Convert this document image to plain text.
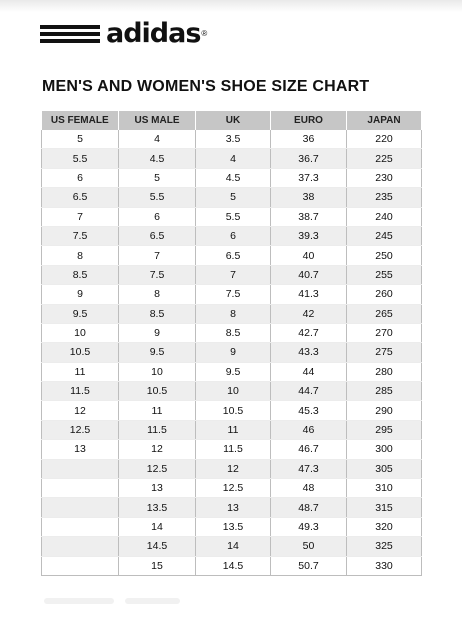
adidas ®
MEN'S AND WOMEN'S SHOE SIZE CHART
US FEMALE	US MALE	UK	EURO	JAPAN
5	4	3.5	36	220
5.5	4.5	4	36.7	225
6	5	4.5	37.3	230
6.5	5.5	5	38	235
7	6	5.5	38.7	240
7.5	6.5	6	39.3	245
8	7	6.5	40	250
8.5	7.5	7	40.7	255
9	8	7.5	41.3	260
9.5	8.5	8	42	265
10	9	8.5	42.7	270
10.5	9.5	9	43.3	275
11	10	9.5	44	280
11.5	10.5	10	44.7	285
12	11	10.5	45.3	290
12.5	11.5	11	46	295
13	12	11.5	46.7	300
	12.5	12	47.3	305
	13	12.5	48	310
	13.5	13	48.7	315
	14	13.5	49.3	320
	14.5	14	50	325
	15	14.5	50.7	330
